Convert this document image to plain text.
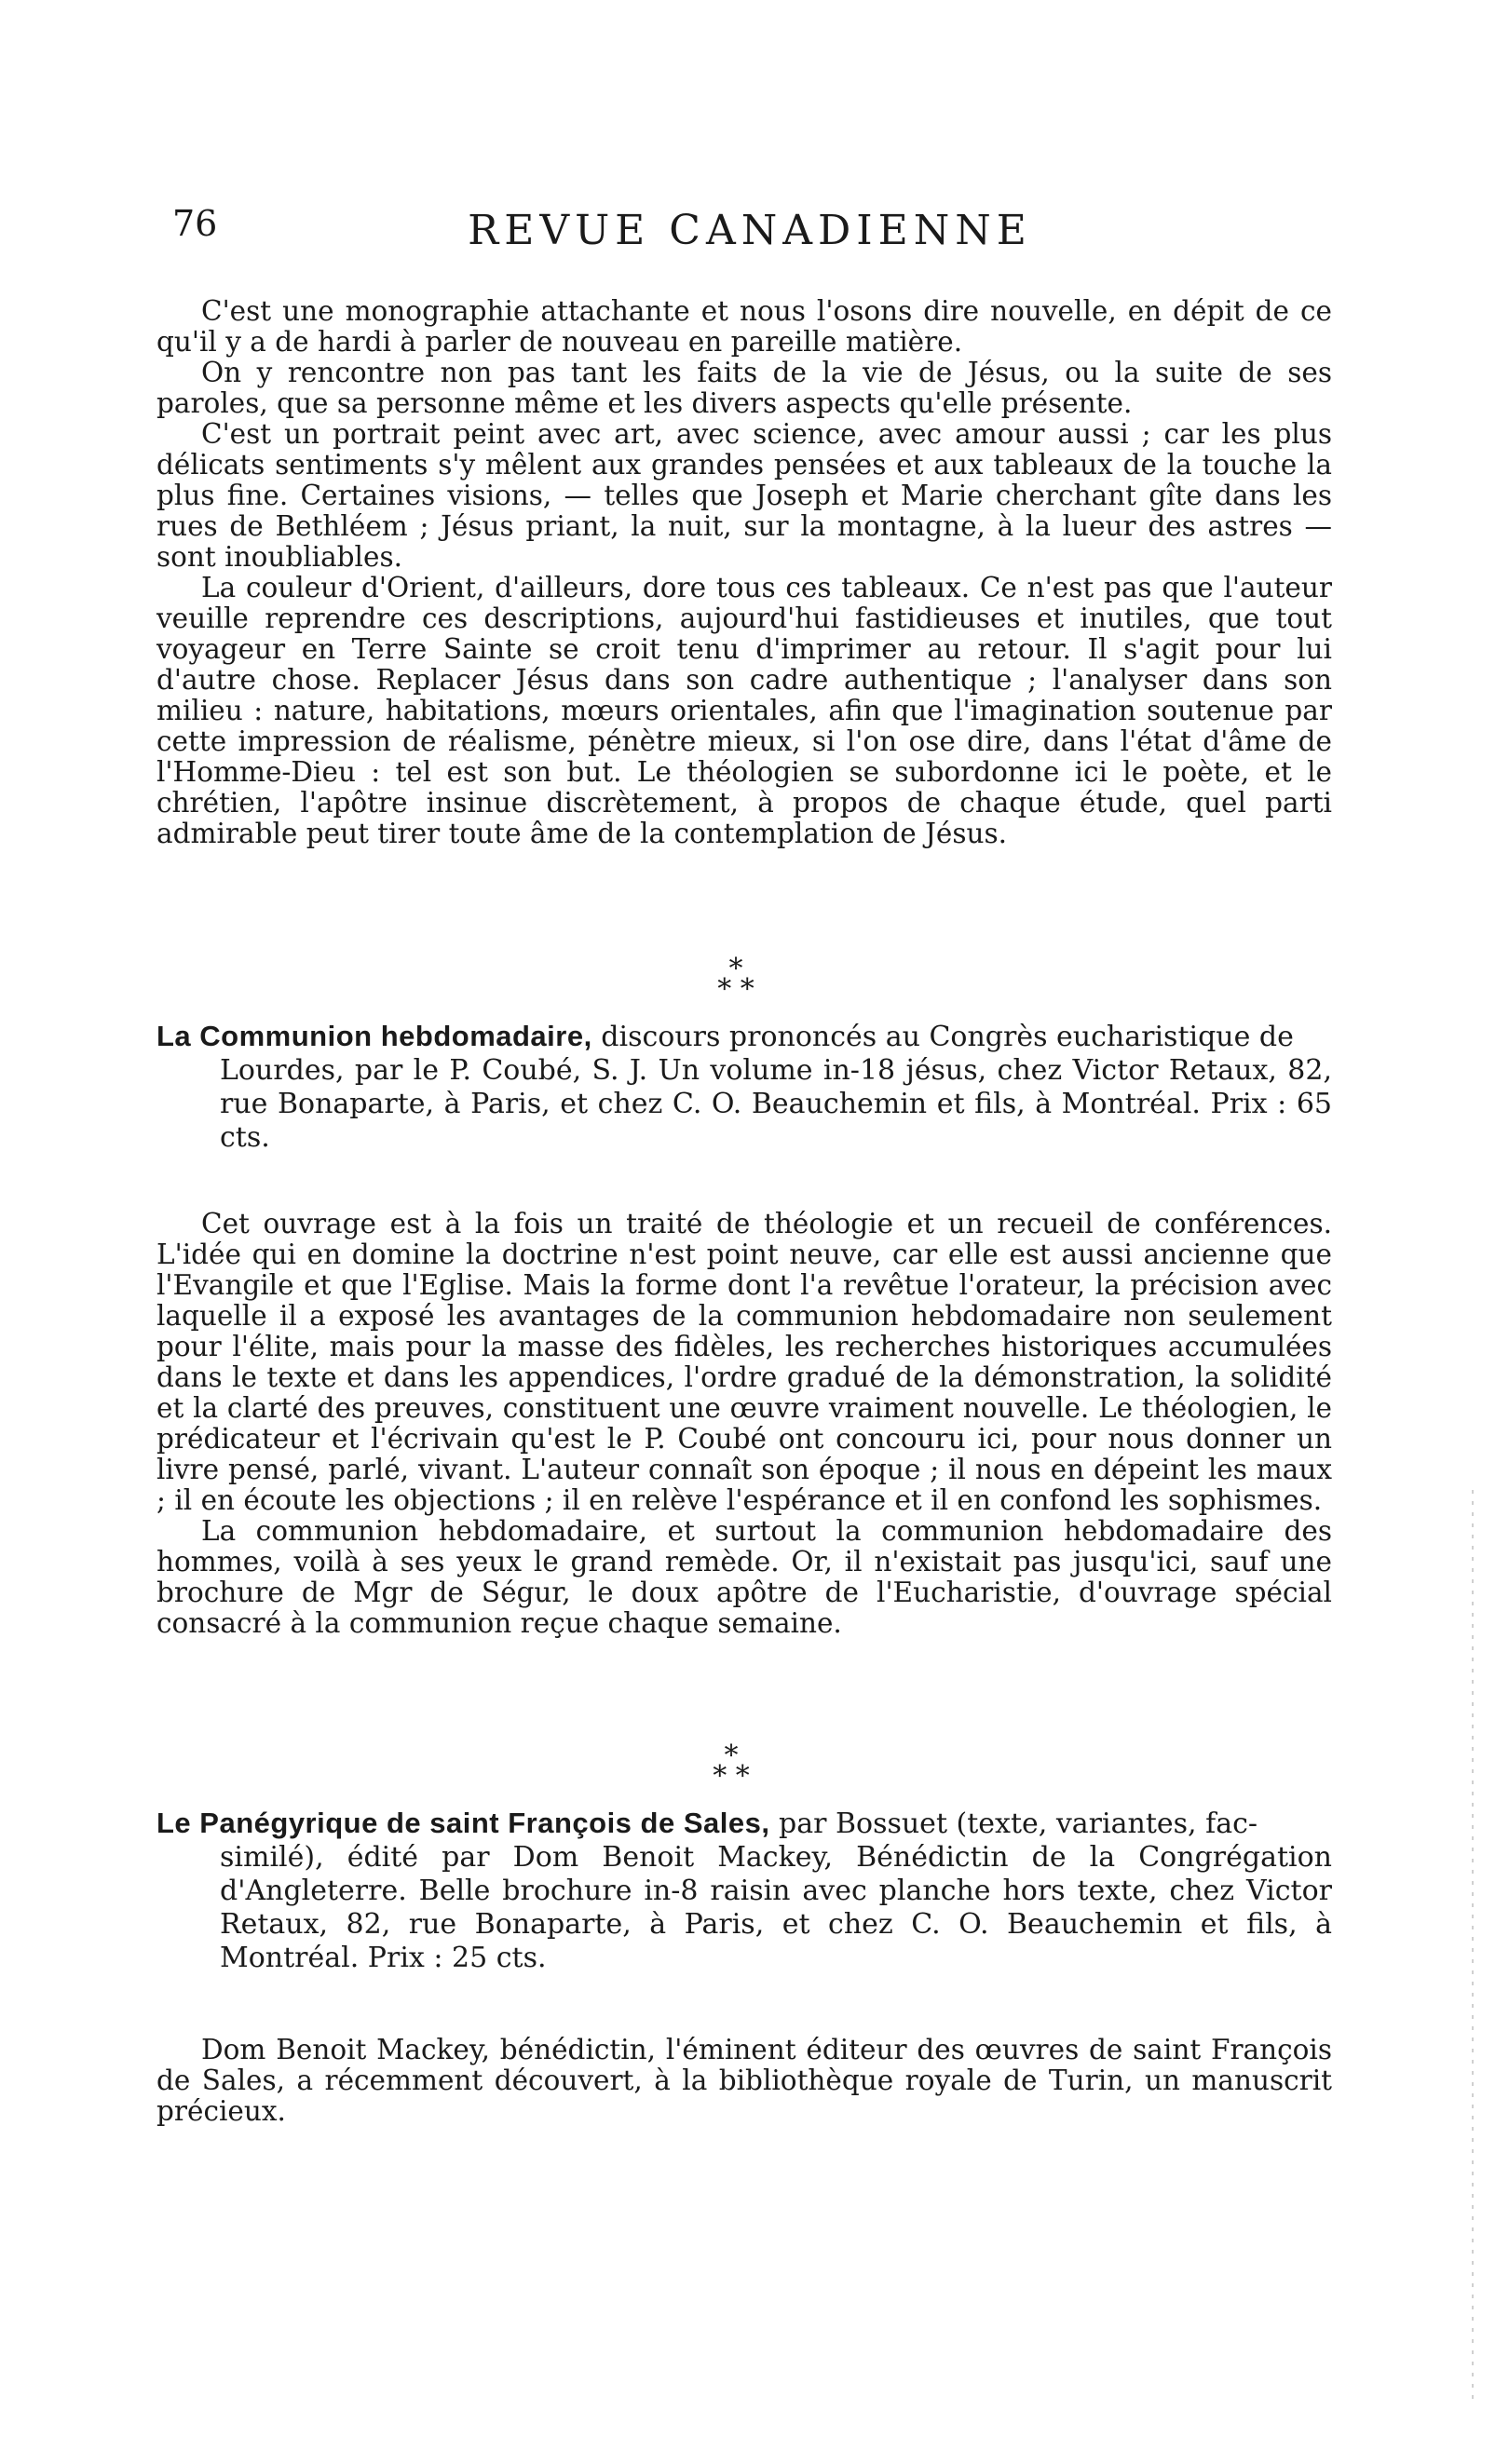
76	REVUE CANADIENNE

C'est une monographie attachante et nous l'osons dire nouvelle, en dépit de ce qu'il y a de hardi à parler de nouveau en pareille matière.

On y rencontre non pas tant les faits de la vie de Jésus, ou la suite de ses paroles, que sa personne même et les divers aspects qu'elle présente.

C'est un portrait peint avec art, avec science, avec amour aussi ; car les plus délicats sentiments s'y mêlent aux grandes pensées et aux tableaux de la touche la plus fine. Certaines visions, — telles que Joseph et Marie cherchant gîte dans les rues de Bethléem ; Jésus priant, la nuit, sur la montagne, à la lueur des astres — sont inoubliables.

La couleur d'Orient, d'ailleurs, dore tous ces tableaux. Ce n'est pas que l'auteur veuille reprendre ces descriptions, aujourd'hui fastidieuses et inutiles, que tout voyageur en Terre Sainte se croit tenu d'imprimer au retour. Il s'agit pour lui d'autre chose. Replacer Jésus dans son cadre authentique ; l'analyser dans son milieu : nature, habitations, mœurs orientales, afin que l'imagination soutenue par cette impression de réalisme, pénètre mieux, si l'on ose dire, dans l'état d'âme de l'Homme-Dieu : tel est son but. Le théologien se subordonne ici le poète, et le chrétien, l'apôtre insinue discrètement, à propos de chaque étude, quel parti admirable peut tirer toute âme de la contemplation de Jésus.

*
* *

La Communion hebdomadaire, discours prononcés au Congrès eucharistique de

Lourdes, par le P. Coubé, S. J. Un volume in-18 jésus, chez Victor Retaux, 82, rue Bonaparte, à Paris, et chez C. O. Beauchemin et fils, à Montréal. Prix : 65 cts.

Cet ouvrage est à la fois un traité de théologie et un recueil de conférences. L'idée qui en domine la doctrine n'est point neuve, car elle est aussi ancienne que l'Evangile et que l'Eglise. Mais la forme dont l'a revêtue l'orateur, la précision avec laquelle il a exposé les avantages de la communion hebdomadaire non seulement pour l'élite, mais pour la masse des fidèles, les recherches historiques accumulées dans le texte et dans les appendices, l'ordre gradué de la démonstration, la solidité et la clarté des preuves, constituent une œuvre vraiment nouvelle. Le théologien, le prédicateur et l'écrivain qu'est le P. Coubé ont concouru ici, pour nous donner un livre pensé, parlé, vivant. L'auteur connaît son époque ; il nous en dépeint les maux ; il en écoute les objections ; il en relève l'espérance et il en confond les sophismes.

La communion hebdomadaire, et surtout la communion hebdomadaire des hommes, voilà à ses yeux le grand remède. Or, il n'existait pas jusqu'ici, sauf une brochure de Mgr de Ségur, le doux apôtre de l'Eucharistie, d'ouvrage spécial consacré à la communion reçue chaque semaine.

*
* *

Le Panégyrique de saint François de Sales, par Bossuet (texte, variantes, fac-

similé), édité par Dom Benoit Mackey, Bénédictin de la Congrégation d'Angleterre. Belle brochure in-8 raisin avec planche hors texte, chez Victor Retaux, 82, rue Bonaparte, à Paris, et chez C. O. Beauchemin et fils, à Montréal. Prix : 25 cts.

Dom Benoit Mackey, bénédictin, l'éminent éditeur des œuvres de saint François de Sales, a récemment découvert, à la bibliothèque royale de Turin, un manuscrit précieux.
